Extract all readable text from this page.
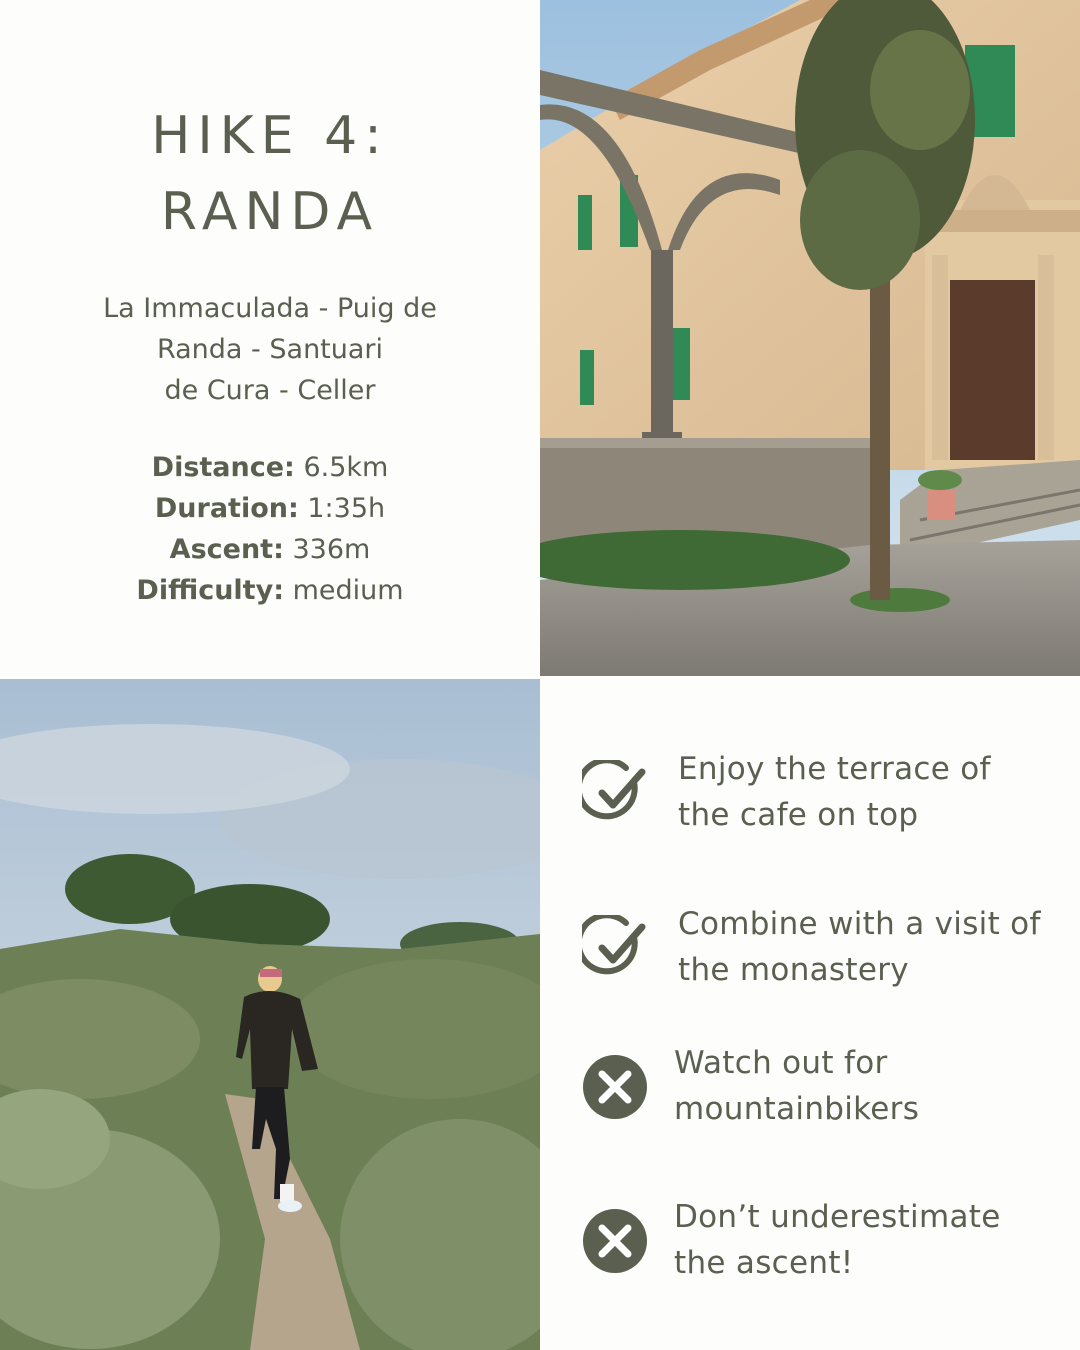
HIKE 4:
RANDA
La Immaculada - Puig de
Randa - Santuari
de Cura - Celler
Distance: 6.5km
Duration: 1:35h
Ascent: 336m
Difficulty: medium
Enjoy the terrace of
the cafe on top
Combine with a visit of
the monastery
Watch out for
mountainbikers
Don’t underestimate
the ascent!
